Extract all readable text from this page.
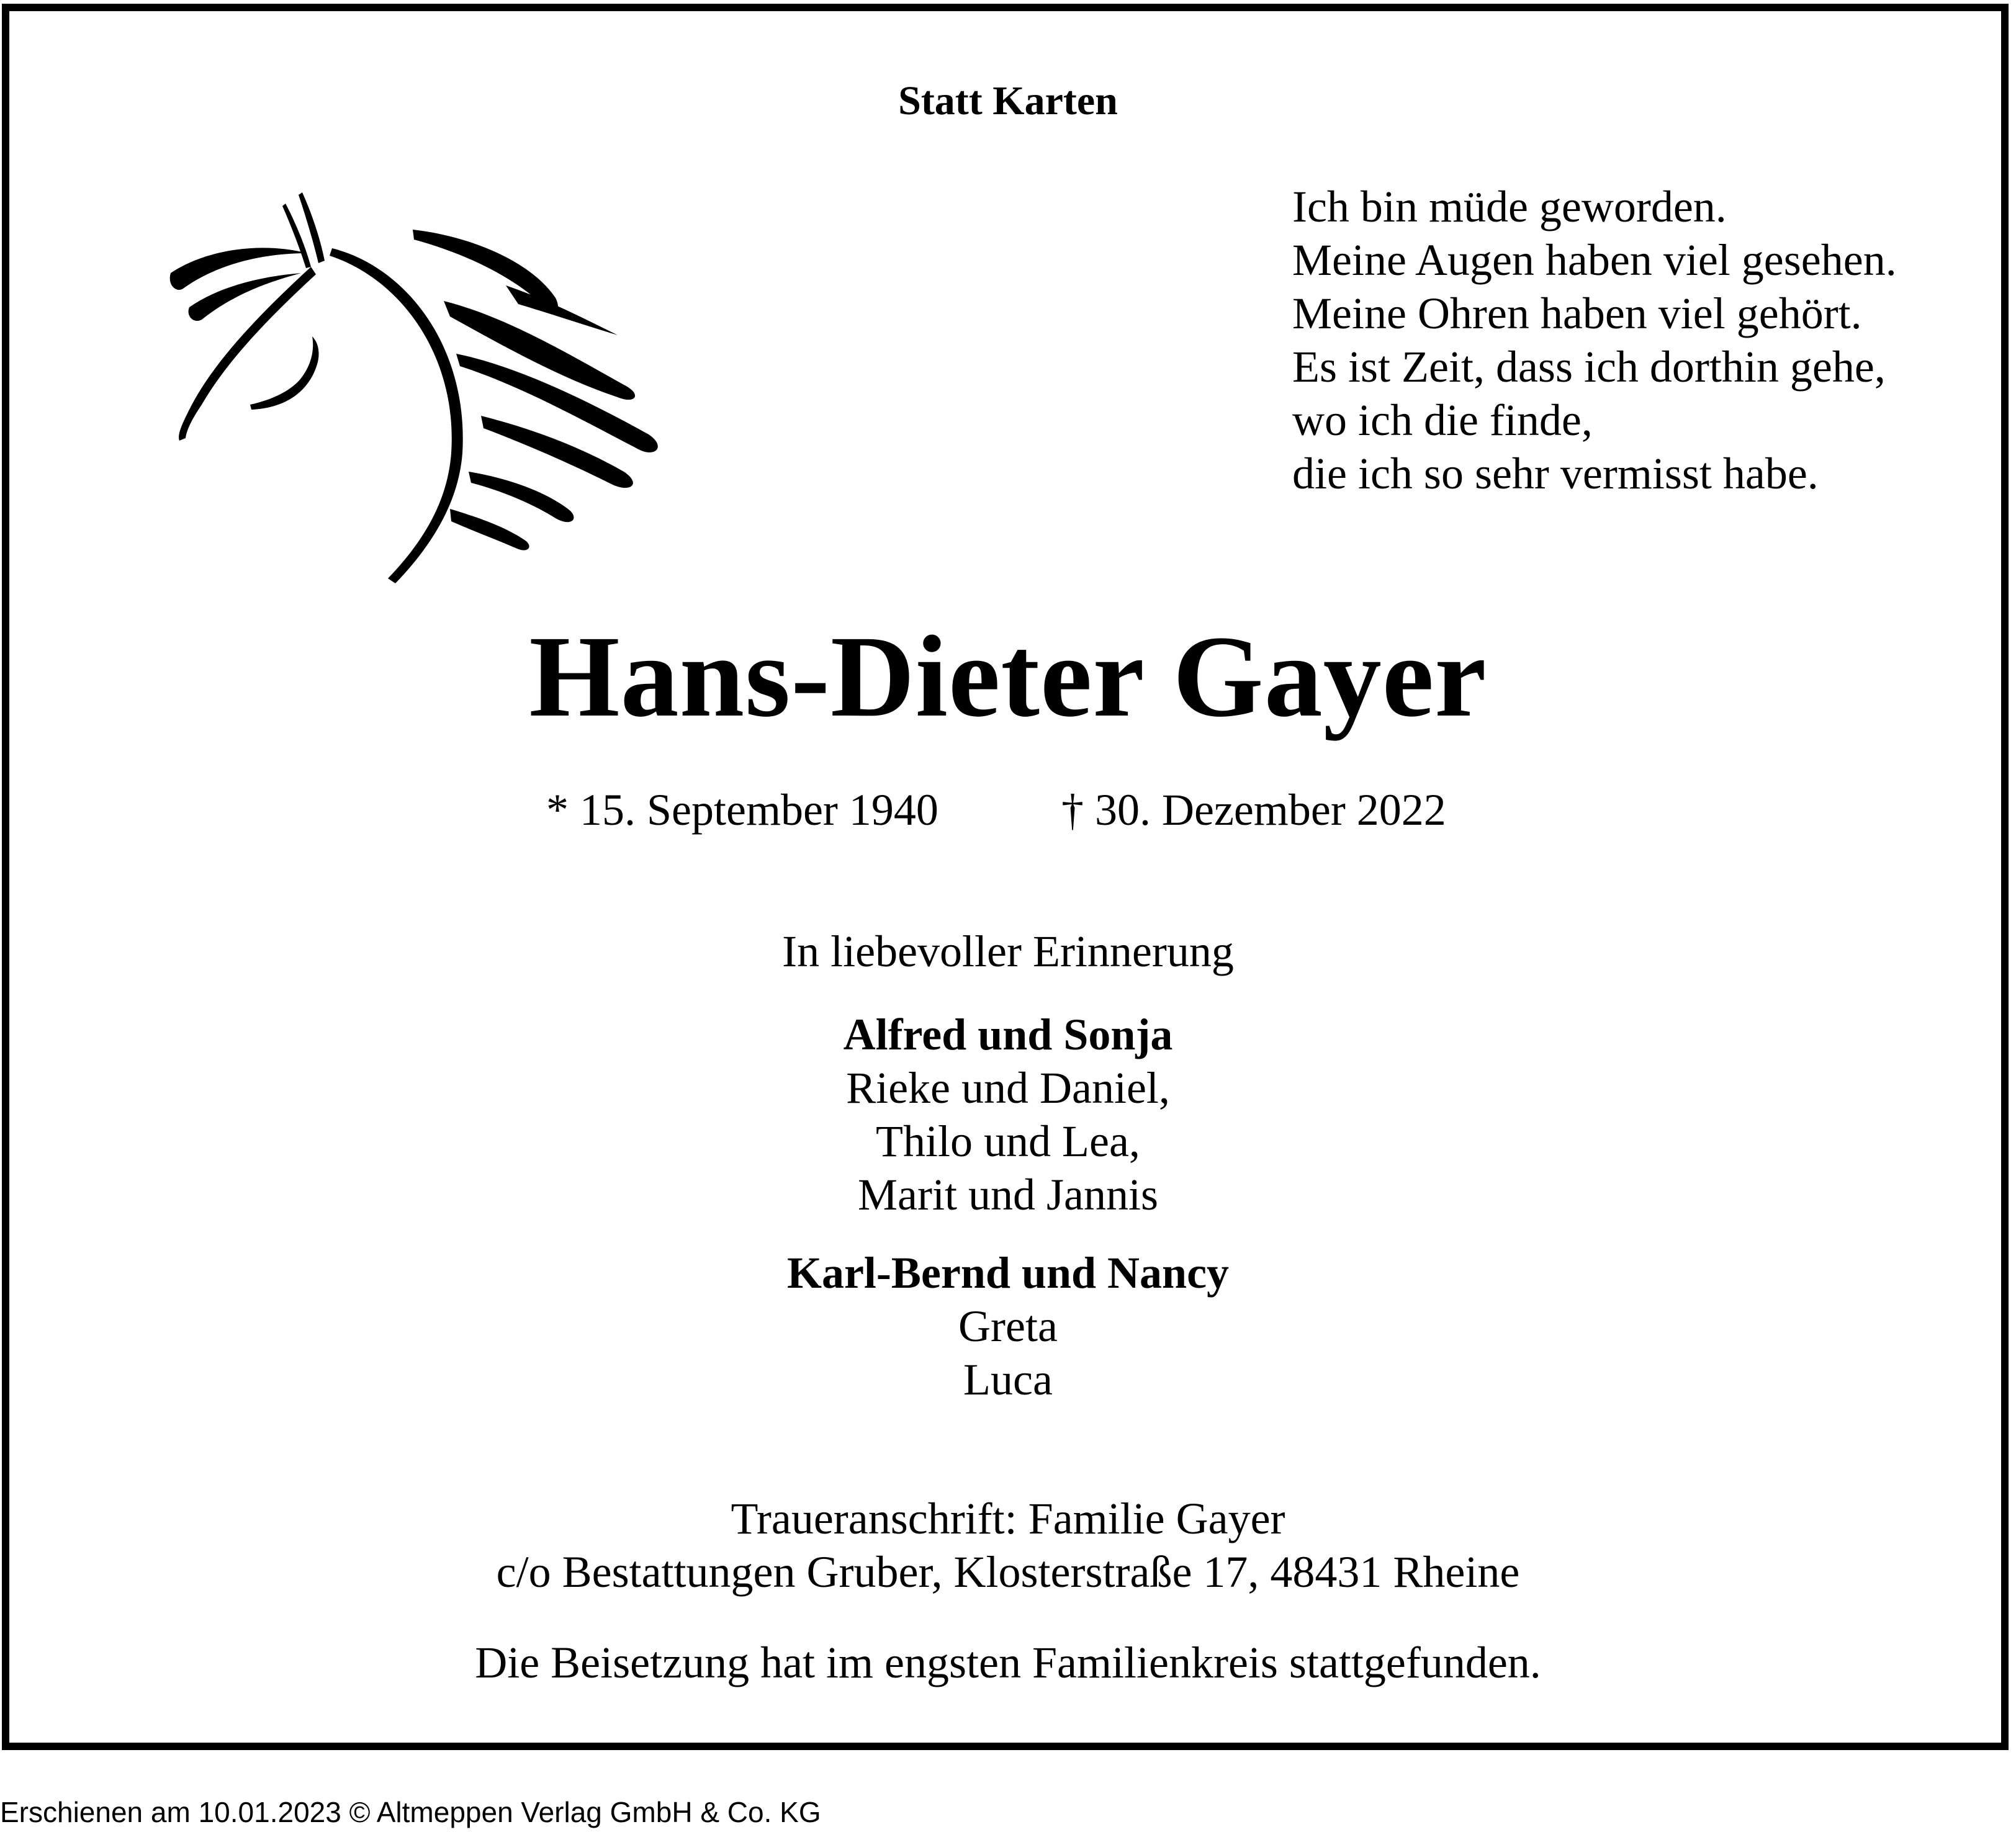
Statt Karten
Ich bin müde geworden.
Meine Augen haben viel gesehen.
Meine Ohren haben viel gehört.
Es ist Zeit, dass ich dorthin gehe,
wo ich die finde,
die ich so sehr vermisst habe.
Hans-Dieter Gayer
* 15. September 1940	† 30. Dezember 2022
In liebevoller Erinnerung
Alfred und Sonja
Rieke und Daniel,
Thilo und Lea,
Marit und Jannis
Karl-Bernd und Nancy
Greta
Luca
Traueranschrift: Familie Gayer
c/o Bestattungen Gruber, Klosterstraße 17, 48431 Rheine
Die Beisetzung hat im engsten Familienkreis stattgefunden.
Erschienen am 10.01.2023 © Altmeppen Verlag GmbH & Co. KG
